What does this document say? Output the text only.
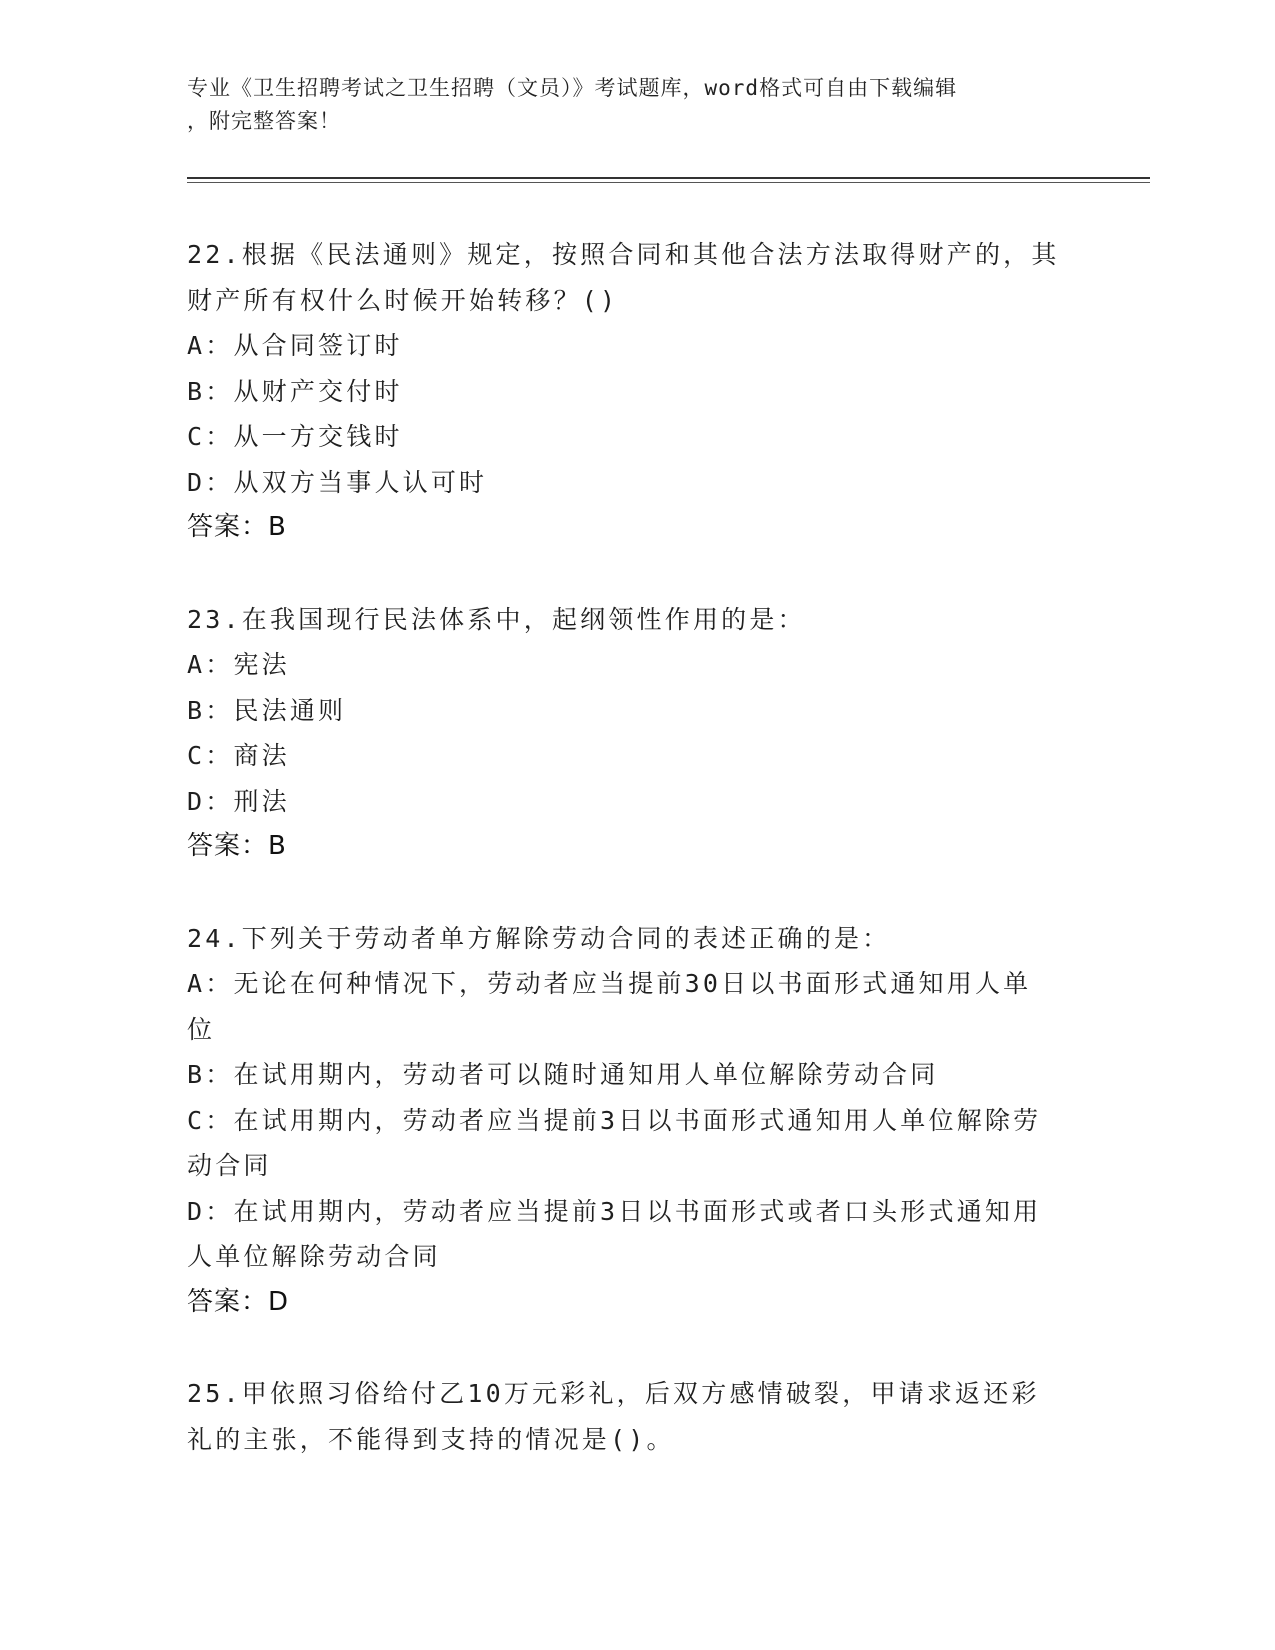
专业《卫生招聘考试之卫生招聘（文员）》考试题库，word格式可自由下载编辑
，附完整答案！
22.根据《民法通则》规定，按照合同和其他合法方法取得财产的，其
财产所有权什么时候开始转移？()
A：从合同签订时
B：从财产交付时
C：从一方交钱时
D：从双方当事人认可时
答案：B
23.在我国现行民法体系中，起纲领性作用的是：
A：宪法
B：民法通则
C：商法
D：刑法
答案：B
24.下列关于劳动者单方解除劳动合同的表述正确的是：
A：无论在何种情况下，劳动者应当提前30日以书面形式通知用人单
位
B：在试用期内，劳动者可以随时通知用人单位解除劳动合同
C：在试用期内，劳动者应当提前3日以书面形式通知用人单位解除劳
动合同
D：在试用期内，劳动者应当提前3日以书面形式或者口头形式通知用
人单位解除劳动合同
答案：D
25.甲依照习俗给付乙10万元彩礼，后双方感情破裂，甲请求返还彩
礼的主张，不能得到支持的情况是()。
